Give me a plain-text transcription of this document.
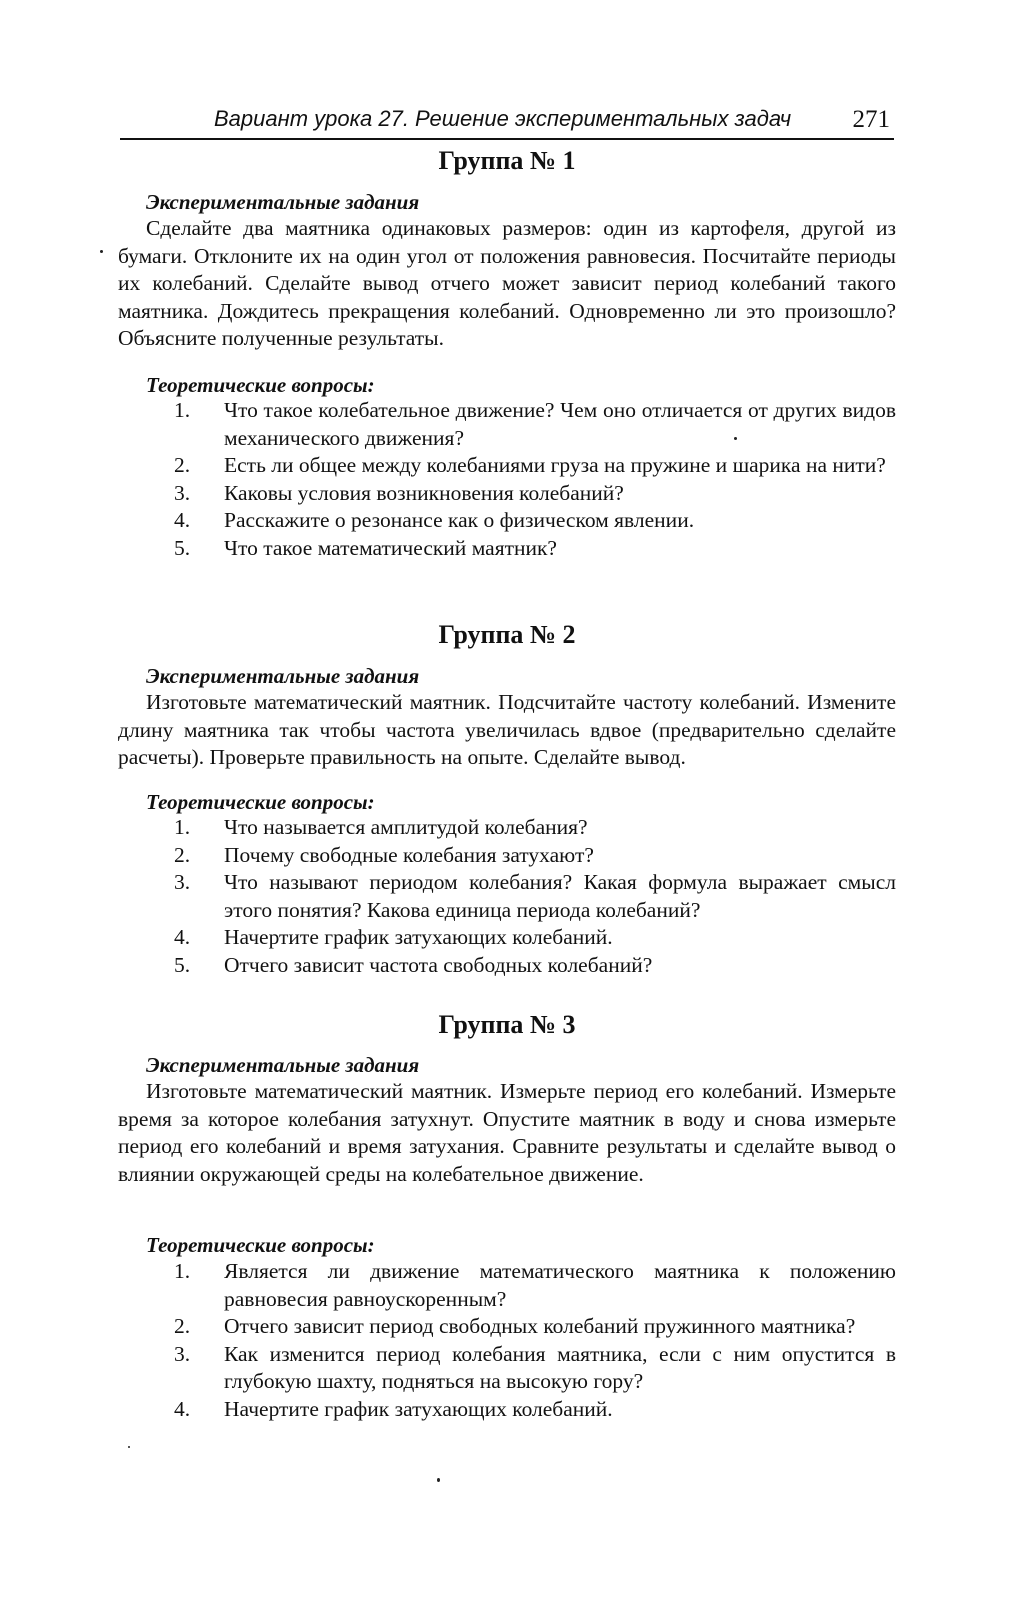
Вариант урока 27. Решение экспериментальных задач 271
Группа № 1
Экспериментальные задания
Сделайте два маятника одинаковых размеров: один из картофеля, другой из бумаги. Отклоните их на один угол от положения равновесия. Посчитайте периоды их колебаний. Сделайте вывод отчего может зависит период колебаний такого маятника. Дождитесь прекращения колебаний. Одновременно ли это произошло? Объясните полученные результаты.
Теоретические вопросы:
1. Что такое колебательное движение? Чем оно отличается от других видов механического движения?
2. Есть ли общее между колебаниями груза на пружине и шарика на нити?
3. Каковы условия возникновения колебаний?
4. Расскажите о резонансе как о физическом явлении.
5. Что такое математический маятник?
Группа № 2
Экспериментальные задания
Изготовьте математический маятник. Подсчитайте частоту колебаний. Измените длину маятника так чтобы частота увеличилась вдвое (предварительно сделайте расчеты). Проверьте правильность на опыте. Сделайте вывод.
Теоретические вопросы:
1. Что называется амплитудой колебания?
2. Почему свободные колебания затухают?
3. Что называют периодом колебания? Какая формула выражает смысл этого понятия? Какова единица периода колебаний?
4. Начертите график затухающих колебаний.
5. Отчего зависит частота свободных колебаний?
Группа № 3
Экспериментальные задания
Изготовьте математический маятник. Измерьте период его колебаний. Измерьте время за которое колебания затухнут. Опустите маятник в воду и снова измерьте период его колебаний и время затухания. Сравните результаты и сделайте вывод о влиянии окружающей среды на колебательное движение.
Теоретические вопросы:
1. Является ли движение математического маятника к положению равновесия равноускоренным?
2. Отчего зависит период свободных колебаний пружинного маятника?
3. Как изменится период колебания маятника, если с ним опустится в глубокую шахту, подняться на высокую гору?
4. Начертите график затухающих колебаний.
